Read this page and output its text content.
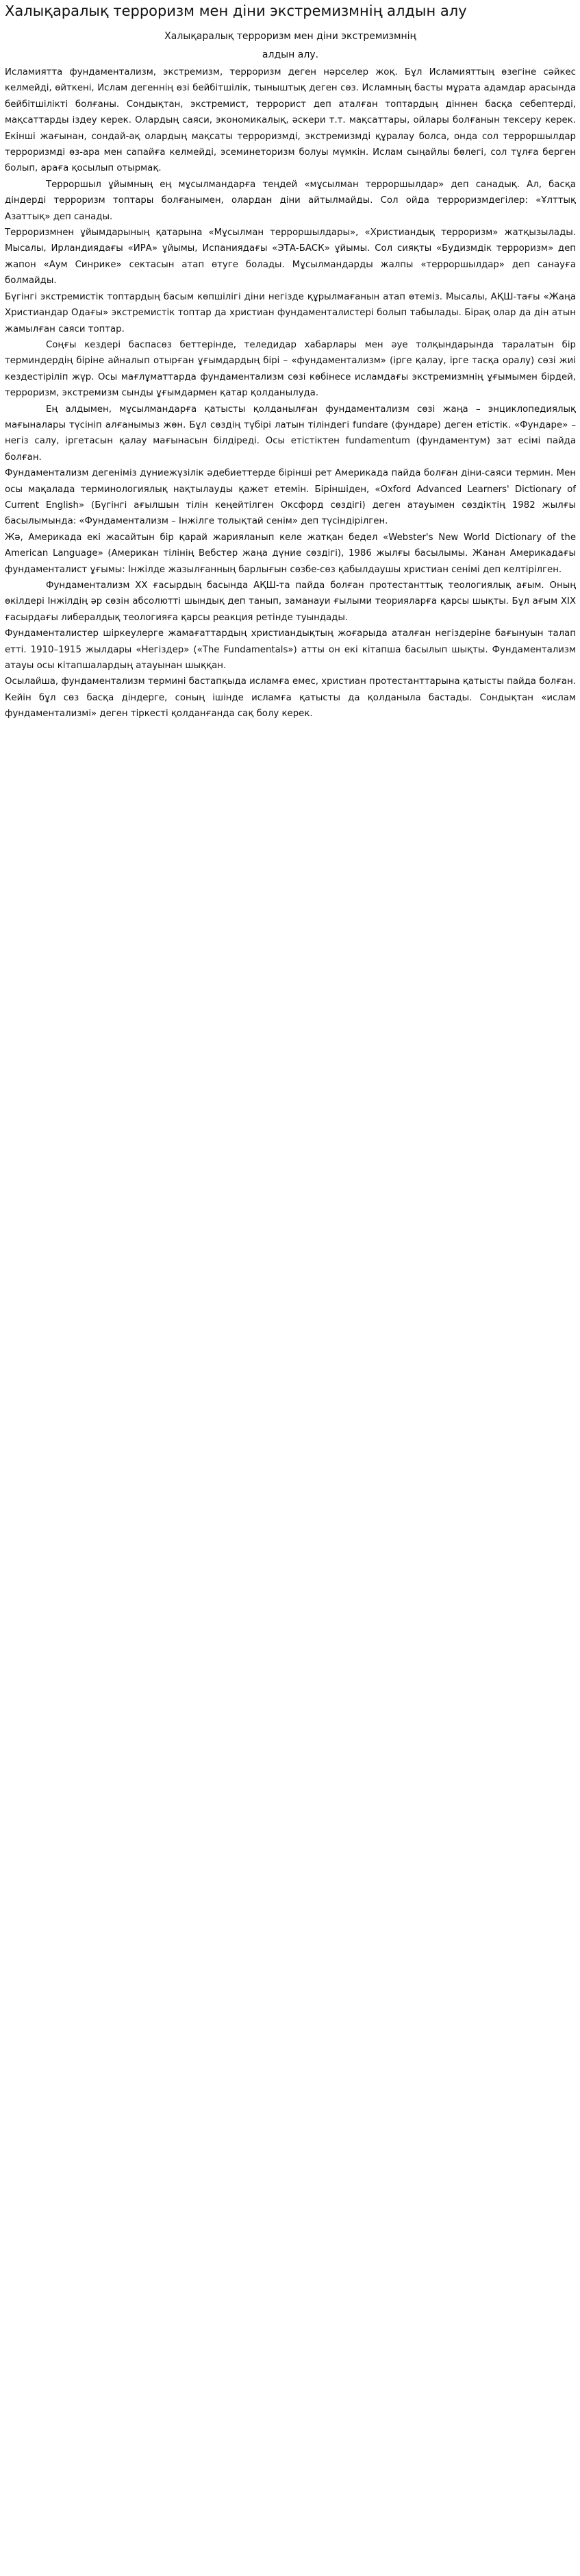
Халықаралық терроризм мен діни экстремизмнің алдын алу

Халықаралық терроризм мен діни экстремизмнің
алдын алу.

Исламиятта фундаментализм, экстремизм, терроризм деген нәрселер жоқ. Бұл Исламияттың өзегіне сәйкес келмейді, өйткені, Ислам дегеннің өзі бейбітшілік, тыныштық деген сөз. Исламның басты мұрата адамдар арасында бейбітшілікті болғаны. Сондықтан, экстремист, террорист деп аталған топтардың діннен басқа себептерді, мақсаттарды іздеу керек. Олардың саяси, экономикалық, әскери т.т. мақсаттары, ойлары болғанын тексеру керек. Екінші жағынан, сондай-ақ олардың мақсаты терроризмді, экстремизмді құралау болса, онда сол терроршылдар терроризмді өз-ара мен сапайға келмейді, эсеминеторизм болуы мүмкін. Ислам сыңайлы бөлегі, сол тұлға берген болып, араға қосылып отырмақ.

Терроршыл ұйымның ең мұсылмандарға теңдей «мұсылман терроршылдар» деп санадық. Ал, басқа діндерді терроризм топтары болғанымен, олардан діни айтылмайды. Сол ойда терроризмдегілер: «Ұлттық Азаттық» деп санады.

Терроризмнен ұйымдарының қатарына «Мұсылман терроршылдары», «Христиандық терроризм» жатқызылады. Мысалы, Ирландиядағы «ИРА» ұйымы, Испаниядағы «ЭТА-БАСК» ұйымы. Сол сияқты «Будизмдік терроризм» деп жапон «Аум Синрике» сектасын атап өтуге болады. Мұсылмандарды жалпы «терроршылдар» деп санауға болмайды.

Бүгінгі экстремистік топтардың басым көпшілігі діни негізде құрылмағанын атап өтеміз. Мысалы, АҚШ-тағы «Жаңа Христиандар Одағы» экстремистік топтар да христиан фундаменталистері болып табылады. Бірақ олар да дін атын жамылған саяси топтар.

Соңғы кездері баспасөз беттерінде, теледидар хабарлары мен әуе толқындарында таралатын бір терминдердің біріне айналып отырған ұғымдардың бірі – «фундаментализм» (ірге қалау, ірге тасқа оралу) сөзі жиі кездестіріліп жүр. Осы мағлұматтарда фундаментализм сөзі көбінесе исламдағы экстремизмнің ұғымымен бірдей, терроризм, экстремизм сынды ұғымдармен қатар қолданылуда.

Ең алдымен, мұсылмандарға қатысты қолданылған фундаментализм сөзі жаңа – энциклопедиялық мағыналары түсініп алғанымыз жөн. Бұл сөздің түбірі латын тіліндегі fundare (фундаре) деген етістік. «Фундаре» – негіз салу, іргетасын қалау мағынасын білдіреді. Осы етістіктен fundamentum (фундаментум) зат есімі пайда болған.

Фундаментализм дегеніміз дүниежүзілік әдебиеттерде бірінші рет Америкада пайда болған діни-саяси термин. Мен осы мақалада терминологиялық нақтылауды қажет етемін. Біріншіден, «Oxford Advanced Learners' Dictionary of Current English» (Бүгінгі ағылшын тілін кеңейтілген Оксфорд сөздігі) деген атауымен сөздіктің 1982 жылғы басылымында: «Фундаментализм – Інжілге толықтай сенім» деп түсіндірілген.

Жә, Америкада екі жасайтын бір қарай жарияланып келе жатқан бедел «Webster's New World Dictionary of the American Language» (Американ тілінің Вебстер жаңа дүние сөздігі), 1986 жылғы басылымы. Жанан Америкадағы фундаменталист ұғымы: Інжілде жазылғанның барлығын сөзбе-сөз қабылдаушы христиан сенімі деп келтірілген.

Фундаментализм XX ғасырдың басында АҚШ-та пайда болған протестанттық теологиялық ағым. Оның өкілдері Інжілдің әр сөзін абсолютті шындық деп танып, заманауи ғылыми теорияларға қарсы шықты. Бұл ағым XIX ғасырдағы либералдық теологияға қарсы реакция ретінде туындады.

Фундаменталистер шіркеулерге жамағаттардың христиандықтың жоғарыда аталған негіздеріне бағынуын талап етті. 1910–1915 жылдары «Негіздер» («The Fundamentals») атты он екі кітапша басылып шықты. Фундаментализм атауы осы кітапшалардың атауынан шыққан.

Осылайша, фундаментализм термині бастапқыда исламға емес, христиан протестанттарына қатысты пайда болған. Кейін бұл сөз басқа діндерге, соның ішінде исламға қатысты да қолданыла бастады. Сондықтан «ислам фундаментализмі» деген тіркесті қолданғанда сақ болу керек.
